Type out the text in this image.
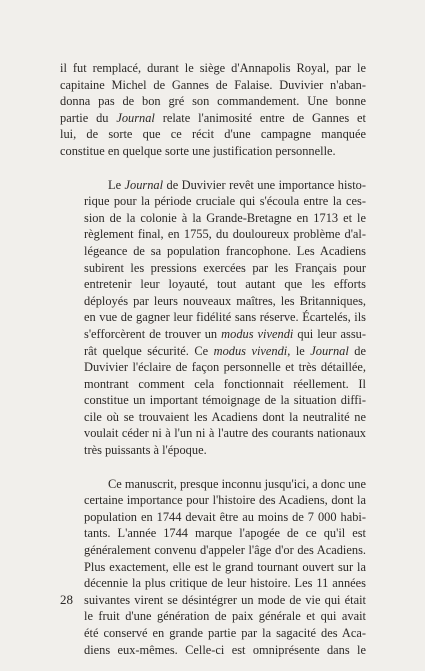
il fut remplacé, durant le siège d'Annapolis Royal, par le
capitaine Michel de Gannes de Falaise. Duvivier n'aban-
donna pas de bon gré son commandement. Une bonne
partie du Journal relate l'animosité entre de Gannes et
lui, de sorte que ce récit d'une campagne manquée
constitue en quelque sorte une justification personnelle.

Le Journal de Duvivier revêt une importance histo-
rique pour la période cruciale qui s'écoula entre la ces-
sion de la colonie à la Grande-Bretagne en 1713 et le
règlement final, en 1755, du douloureux problème d'al-
légeance de sa population francophone. Les Acadiens
subirent les pressions exercées par les Français pour
entretenir leur loyauté, tout autant que les efforts
déployés par leurs nouveaux maîtres, les Britanniques,
en vue de gagner leur fidélité sans réserve. Écartelés, ils
s'efforcèrent de trouver un modus vivendi qui leur assu-
rât quelque sécurité. Ce modus vivendi, le Journal de
Duvivier l'éclaire de façon personnelle et très détaillée,
montrant comment cela fonctionnait réellement. Il
constitue un important témoignage de la situation diffi-
cile où se trouvaient les Acadiens dont la neutralité ne
voulait céder ni à l'un ni à l'autre des courants nationaux
très puissants à l'époque.

Ce manuscrit, presque inconnu jusqu'ici, a donc une
certaine importance pour l'histoire des Acadiens, dont la
population en 1744 devait être au moins de 7 000 habi-
tants. L'année 1744 marque l'apogée de ce qu'il est
généralement convenu d'appeler l'âge d'or des Acadiens.
Plus exactement, elle est le grand tournant ouvert sur la
décennie la plus critique de leur histoire. Les 11 années
suivantes virent se désintégrer un mode de vie qui était
le fruit d'une génération de paix générale et qui avait
été conservé en grande partie par la sagacité des Aca-
diens eux-mêmes. Celle-ci est omniprésente dans le

28
